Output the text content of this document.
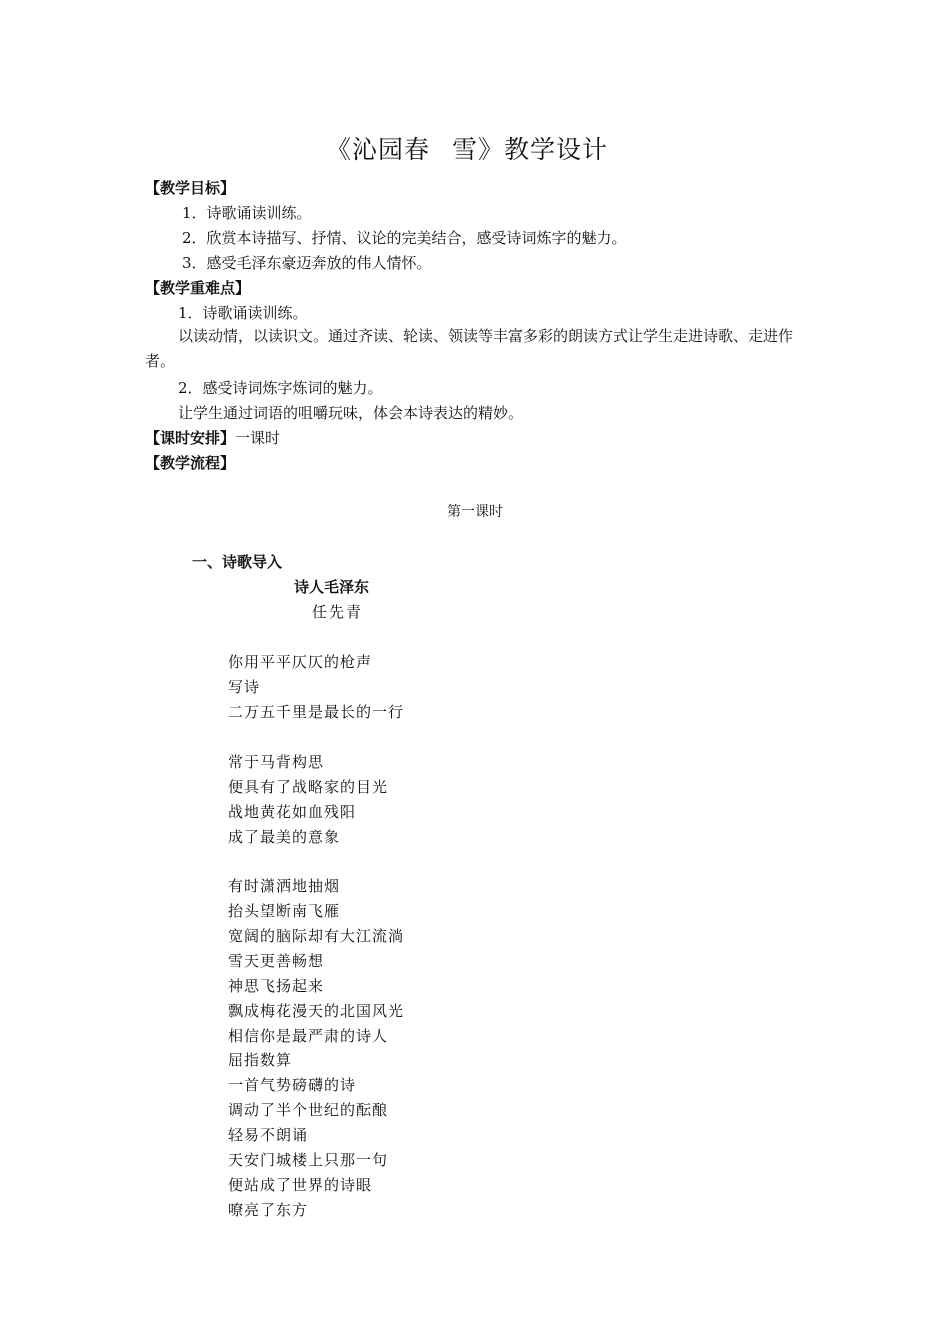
《沁园春 雪》教学设计
【教学目标】
1．诗歌诵读训练。
2．欣赏本诗描写、抒情、议论的完美结合，感受诗词炼字的魅力。
3．感受毛泽东豪迈奔放的伟人情怀。
【教学重难点】
1．诗歌诵读训练。
以读动情，以读识文。通过齐读、轮读、领读等丰富多彩的朗读方式让学生走进诗歌、走进作者。
2．感受诗词炼字炼词的魅力。
让学生通过词语的咀嚼玩味，体会本诗表达的精妙。
【课时安排】一课时
【教学流程】
第一课时
一、诗歌导入
诗人毛泽东
任先青
你用平平仄仄的枪声
写诗
二万五千里是最长的一行
常于马背构思
便具有了战略家的目光
战地黄花如血残阳
成了最美的意象
有时潇洒地抽烟
抬头望断南飞雁
宽阔的脑际却有大江流淌
雪天更善畅想
神思飞扬起来
飘成梅花漫天的北国风光
相信你是最严肃的诗人
屈指数算
一首气势磅礴的诗
调动了半个世纪的酝酿
轻易不朗诵
天安门城楼上只那一句
便站成了世界的诗眼
嘹亮了东方
